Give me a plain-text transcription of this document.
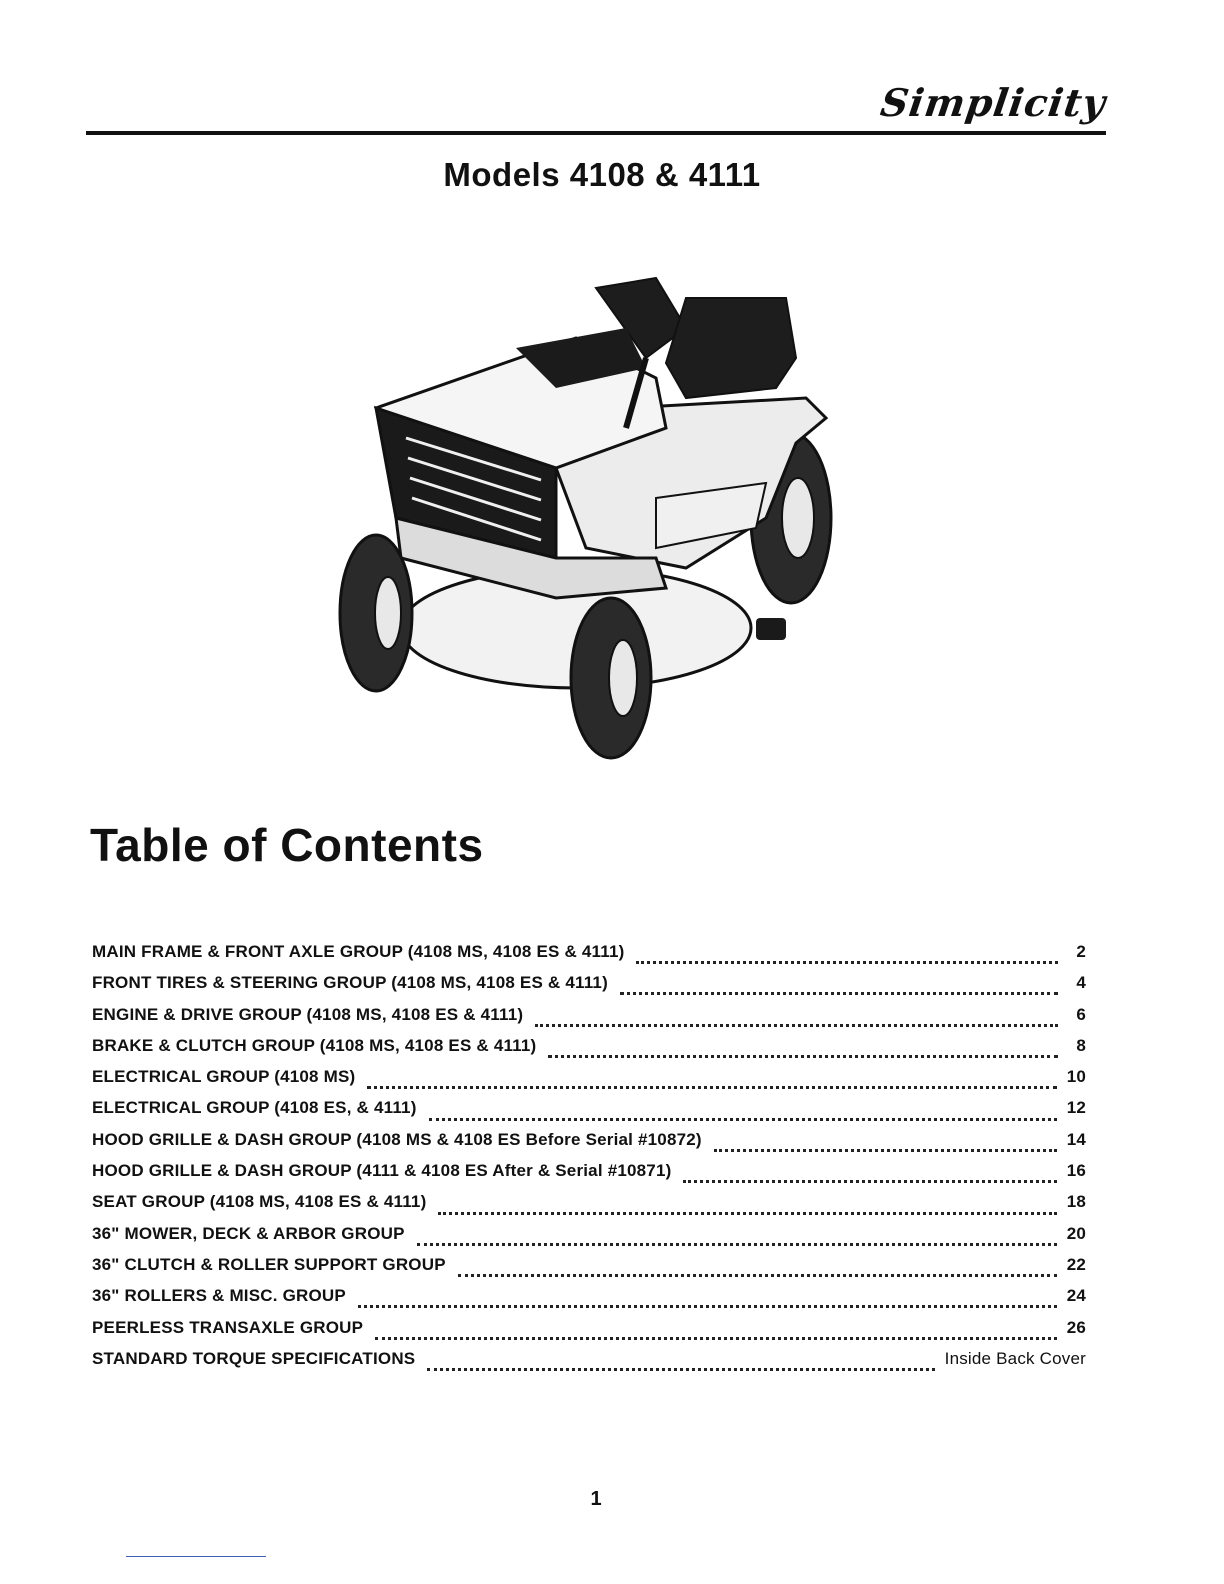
Simplicity
Models 4108 & 4111
Table of Contents
MAIN FRAME & FRONT AXLE GROUP (4108 MS, 4108 ES & 4111)	2
FRONT TIRES & STEERING GROUP (4108 MS, 4108 ES & 4111)	4
ENGINE & DRIVE GROUP (4108 MS, 4108 ES & 4111)	6
BRAKE & CLUTCH GROUP (4108 MS, 4108 ES & 4111)	8
ELECTRICAL GROUP (4108 MS)	10
ELECTRICAL GROUP (4108 ES, & 4111)	12
HOOD GRILLE & DASH GROUP (4108 MS & 4108 ES Before Serial #10872)	14
HOOD GRILLE & DASH GROUP (4111 & 4108 ES After & Serial #10871)	16
SEAT GROUP (4108 MS, 4108 ES & 4111)	18
36" MOWER, DECK & ARBOR GROUP	20
36" CLUTCH & ROLLER SUPPORT GROUP	22
36" ROLLERS & MISC. GROUP	24
PEERLESS TRANSAXLE GROUP	26
STANDARD TORQUE SPECIFICATIONS	Inside Back Cover
1
